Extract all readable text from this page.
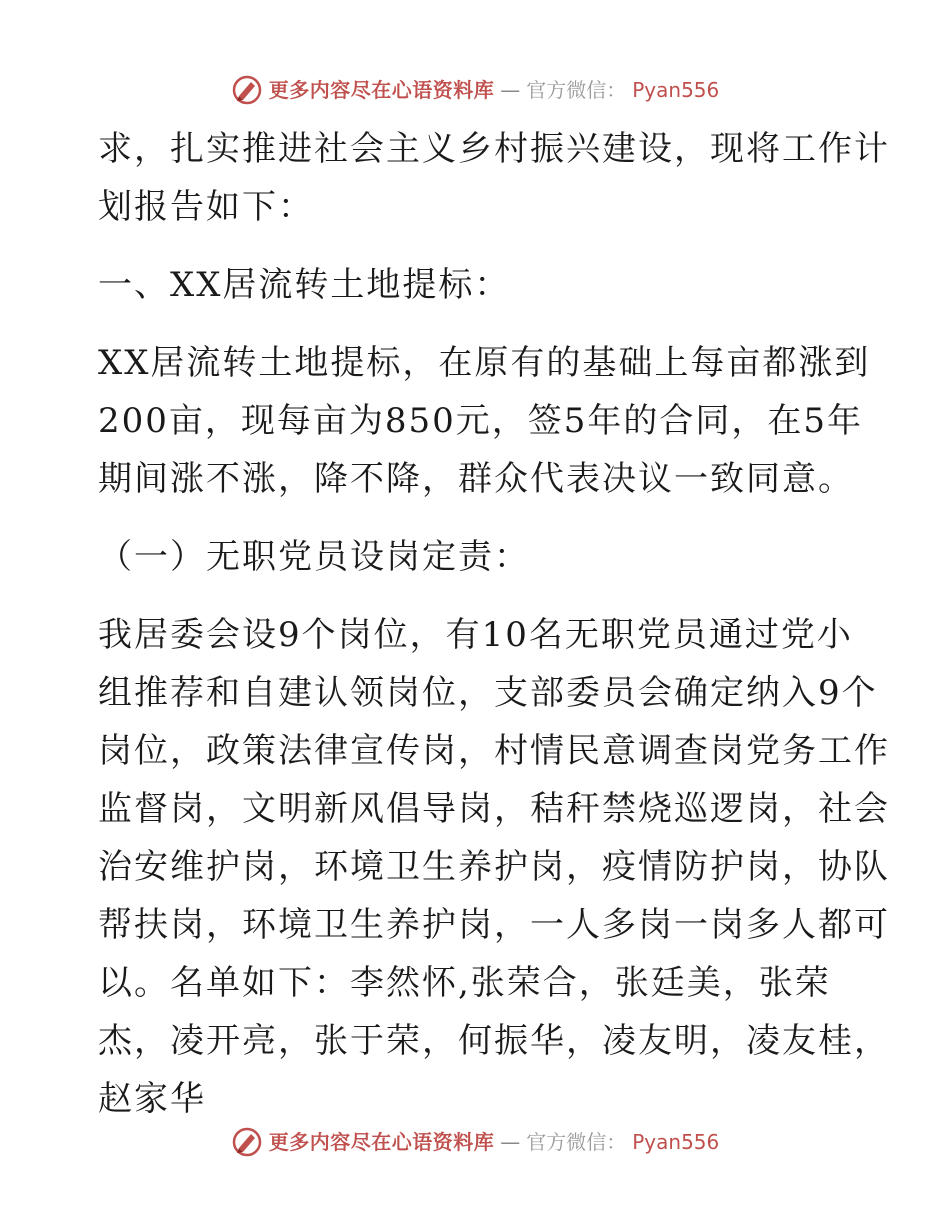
更多内容尽在心语资料库 — 官方微信： Pyan556

求，扎实推进社会主义乡村振兴建设，现将工作计
划报告如下：

一、XX居流转土地提标：

XX居流转土地提标，在原有的基础上每亩都涨到
200亩，现每亩为850元，签5年的合同，在5年
期间涨不涨，降不降，群众代表决议一致同意。

（一）无职党员设岗定责：

我居委会设9个岗位，有10名无职党员通过党小
组推荐和自建认领岗位，支部委员会确定纳入9个
岗位，政策法律宣传岗，村情民意调查岗党务工作
监督岗，文明新风倡导岗，秸秆禁烧巡逻岗，社会
治安维护岗，环境卫生养护岗，疫情防护岗，协队
帮扶岗，环境卫生养护岗，一人多岗一岗多人都可
以。名单如下：李然怀,张荣合，张廷美，张荣
杰，凌开亮，张于荣，何振华，凌友明，凌友桂，
赵家华

更多内容尽在心语资料库 — 官方微信： Pyan556
